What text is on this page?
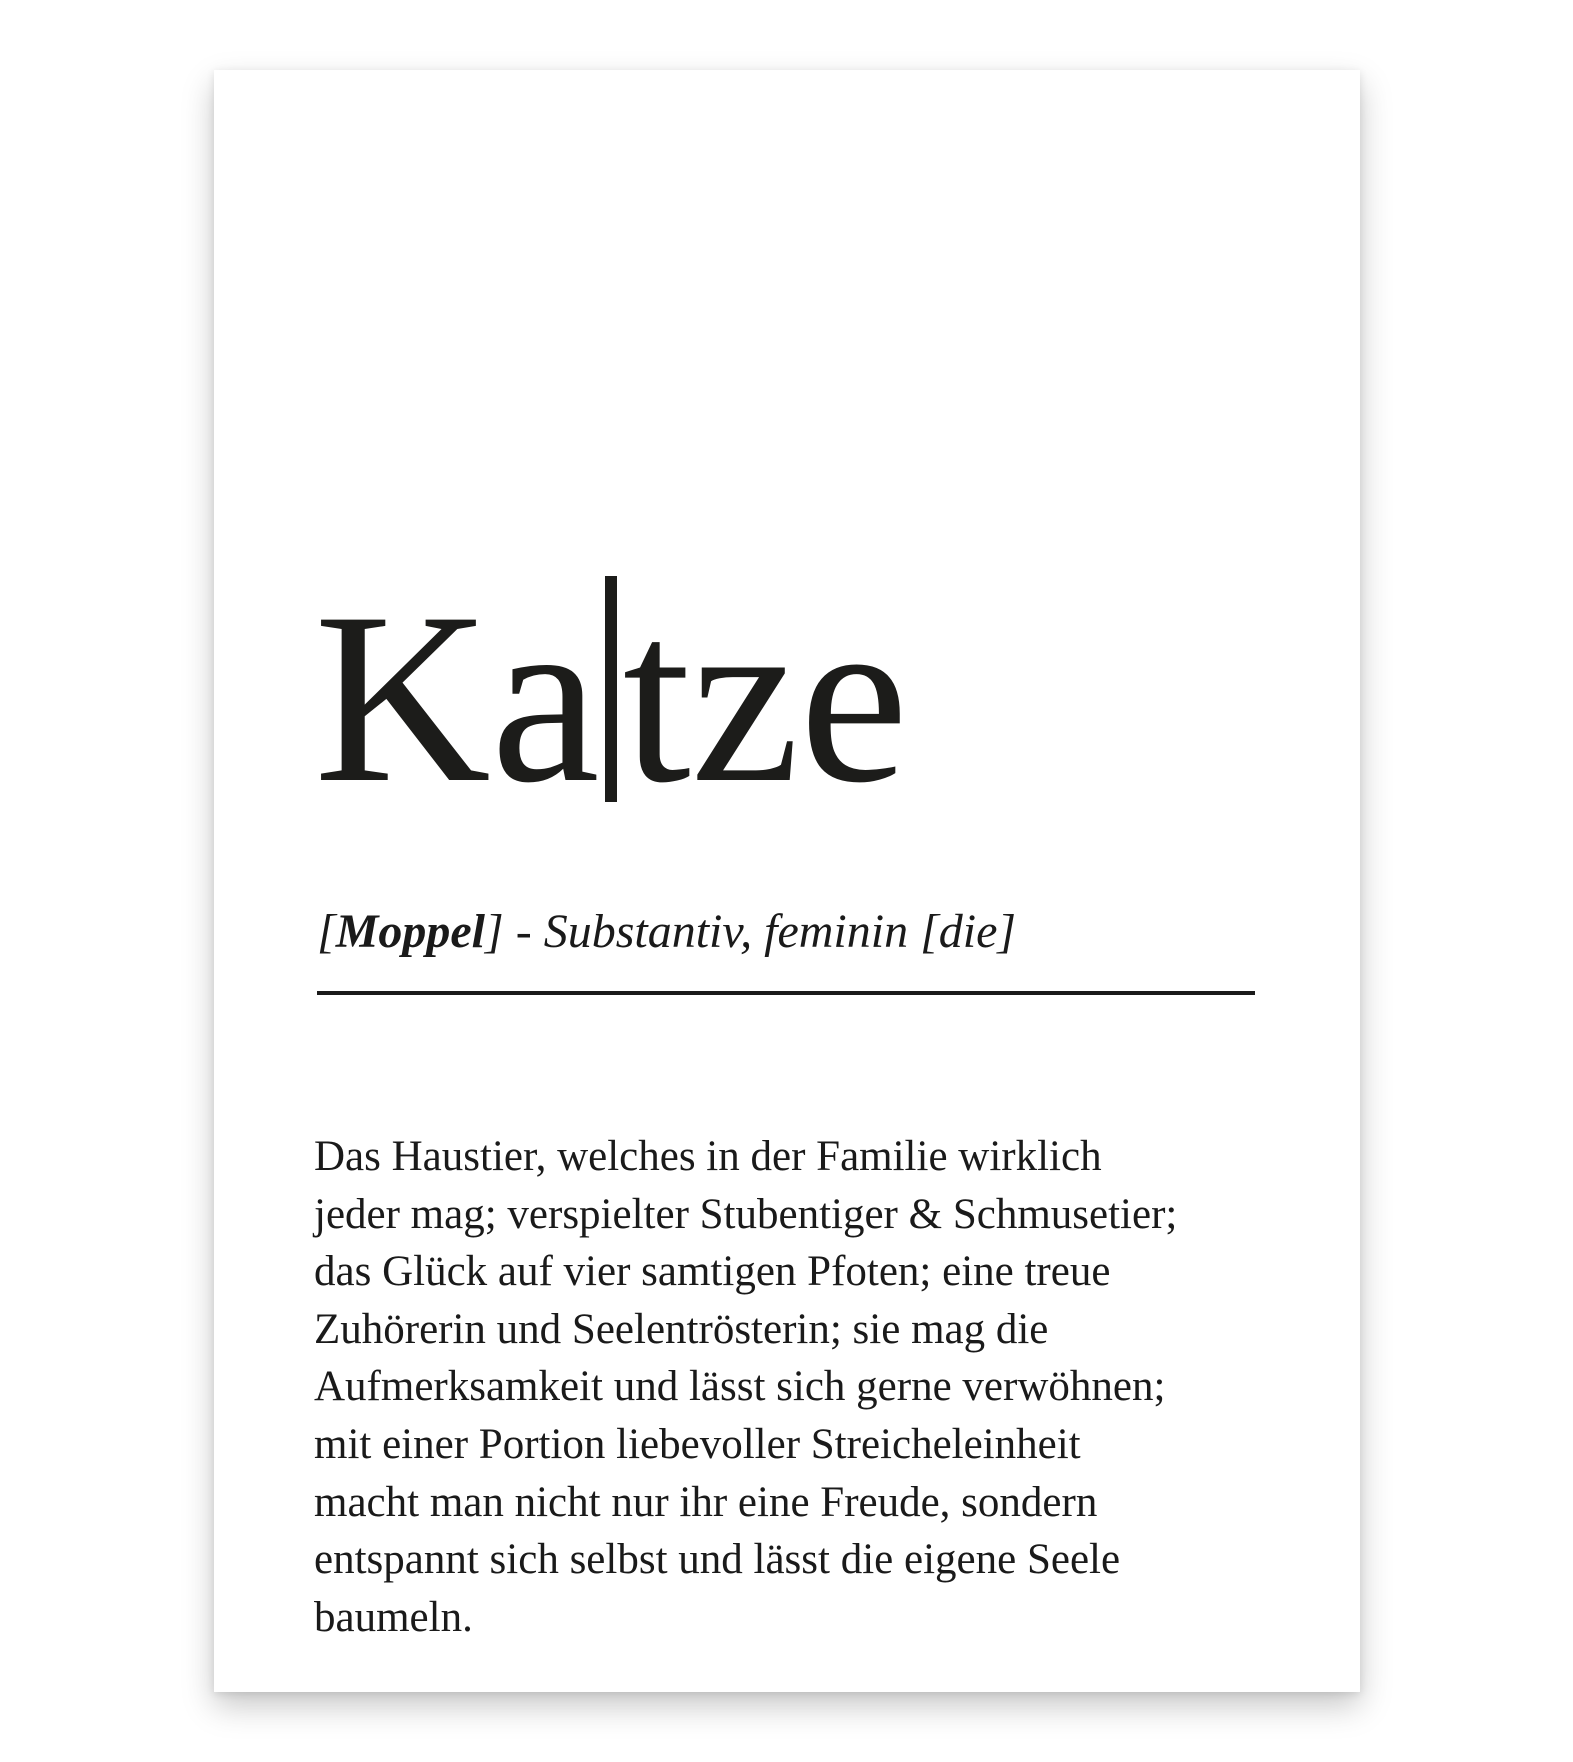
Katze

[Moppel] - Substantiv, feminin [die]

Das Haustier, welches in der Familie wirklich
jeder mag; verspielter Stubentiger & Schmusetier;
das Glück auf vier samtigen Pfoten; eine treue
Zuhörerin und Seelentrösterin; sie mag die
Aufmerksamkeit und lässt sich gerne verwöhnen;
mit einer Portion liebevoller Streicheleinheit
macht man nicht nur ihr eine Freude, sondern
entspannt sich selbst und lässt die eigene Seele
baumeln.
